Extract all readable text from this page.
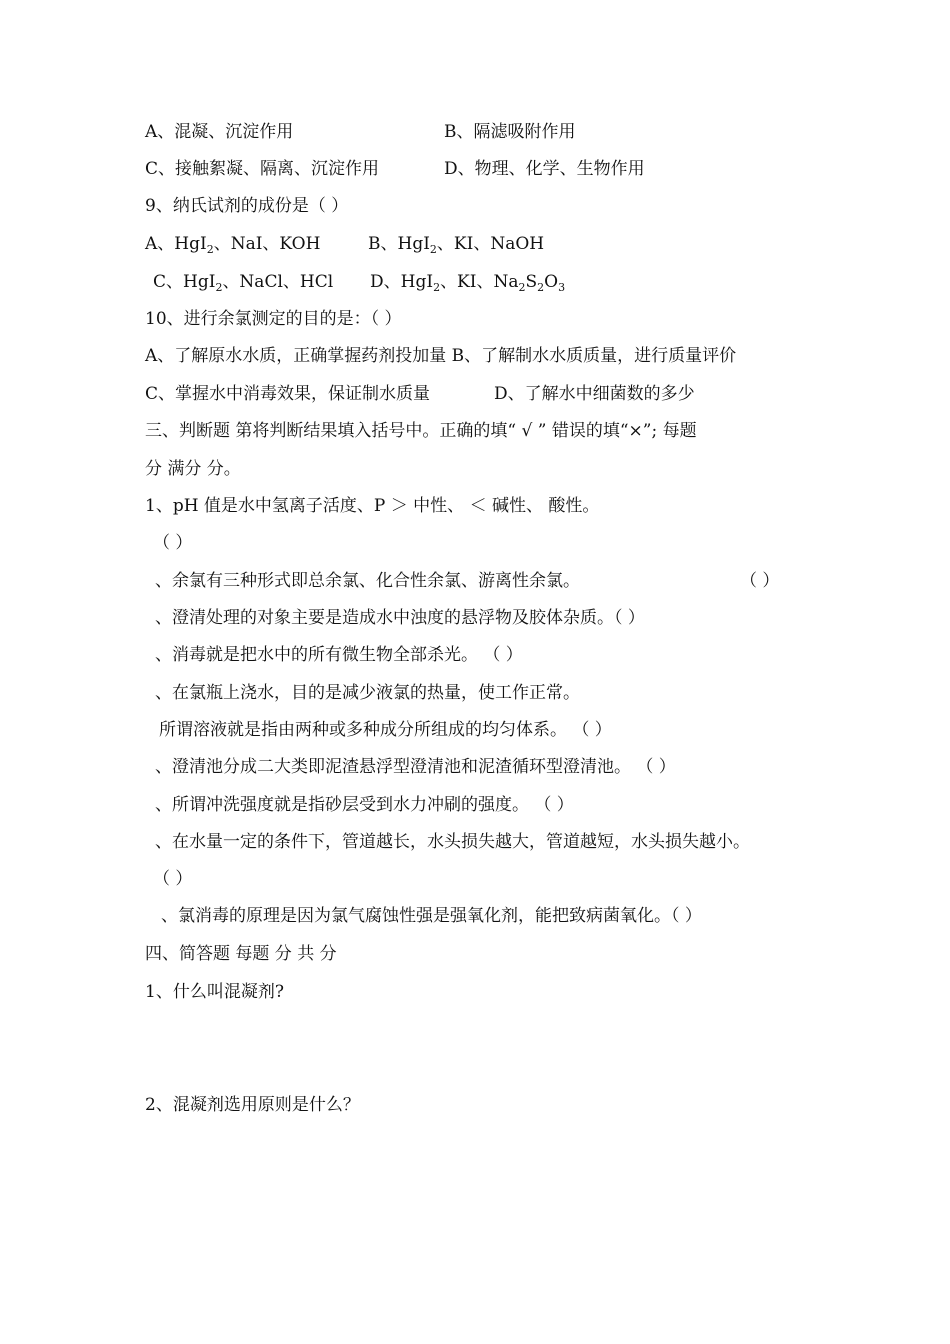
A、混凝、沉淀作用	B、隔滤吸附作用
C、接触絮凝、隔离、沉淀作用	D、物理、化学、生物作用
9、纳氏试剂的成份是（ ）
A、HgI$_2$、NaI、KOH	B、HgI$_2$、KI、NaOH
C、HgI$_2$、NaCl、HCl D、HgI$_2$、KI、$Na_2S_2O_3$
10、进行余氯测定的目的是：（ ）
A、了解原水水质，正确掌握药剂投加量 B、了解制水水质质量，进行质量评价
C、掌握水中消毒效果，保证制水质量	D、了解水中细菌数的多少
三、判断题 第将判断结果填入括号中。正确的填“ √ ” 错误的填“×”; 每题
分 满分 分。
1、pH 值是水中氢离子活度、P ＞ 中性、 ＜ 碱性、 酸性。
（ ）
、余氯有三种形式即总余氯、化合性余氯、游离性余氯。	（ ）
、澄清处理的对象主要是造成水中浊度的悬浮物及胶体杂质。（ ）
、消毒就是把水中的所有微生物全部杀光。 （ ）
、在氯瓶上浇水，目的是减少液氯的热量，使工作正常。
所谓溶液就是指由两种或多种成分所组成的均匀体系。 （ ）
、澄清池分成二大类即泥渣悬浮型澄清池和泥渣循环型澄清池。 （ ）
、所谓冲洗强度就是指砂层受到水力冲刷的强度。 （ ）
、在水量一定的条件下，管道越长，水头损失越大，管道越短，水头损失越小。
（ ）
、氯消毒的原理是因为氯气腐蚀性强是强氧化剂，能把致病菌氧化。（ ）
四、简答题 每题 分 共 分
1、什么叫混凝剂?
2、混凝剂选用原则是什么？
